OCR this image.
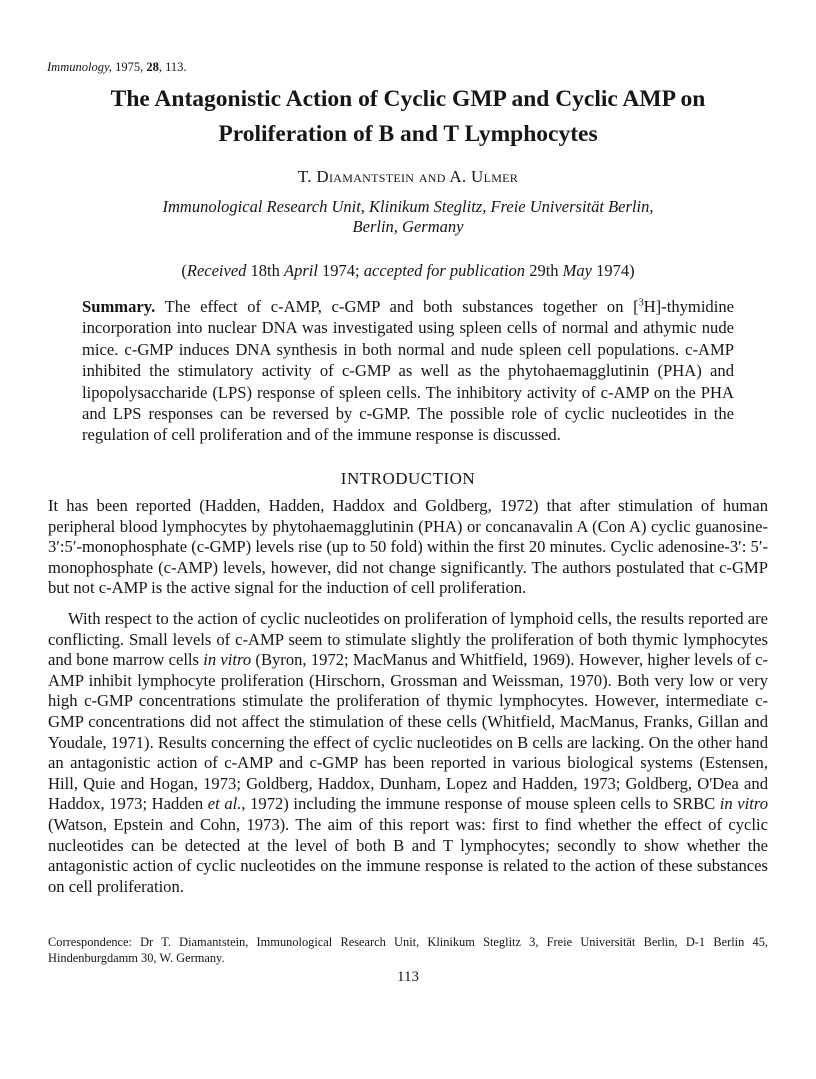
Immunology, 1975, 28, 113.
The Antagonistic Action of Cyclic GMP and Cyclic AMP on
Proliferation of B and T Lymphocytes
T. Diamantstein and A. Ulmer
Immunological Research Unit, Klinikum Steglitz, Freie Universität Berlin,
Berlin, Germany
(Received 18th April 1974; accepted for publication 29th May 1974)
Summary. The effect of c-AMP, c-GMP and both substances together on [$^3$H]-thymidine incorporation into nuclear DNA was investigated using spleen cells of normal and athymic nude mice. c-GMP induces DNA synthesis in both normal and nude spleen cell populations. c-AMP inhibited the stimulatory activity of c-GMP as well as the phytohaemagglutinin (PHA) and lipopolysaccharide (LPS) response of spleen cells. The inhibitory activity of c-AMP on the PHA and LPS responses can be reversed by c-GMP. The possible role of cyclic nucleotides in the regulation of cell proliferation and of the immune response is discussed.
INTRODUCTION
It has been reported (Hadden, Hadden, Haddox and Goldberg, 1972) that after stimulation of human peripheral blood lymphocytes by phytohaemagglutinin (PHA) or concanavalin A (Con A) cyclic guanosine-3′:5′-monophosphate (c-GMP) levels rise (up to 50 fold) within the first 20 minutes. Cyclic adenosine-3′: 5′-monophosphate (c-AMP) levels, however, did not change significantly. The authors postulated that c-GMP but not c-AMP is the active signal for the induction of cell proliferation.
With respect to the action of cyclic nucleotides on proliferation of lymphoid cells, the results reported are conflicting. Small levels of c-AMP seem to stimulate slightly the proliferation of both thymic lymphocytes and bone marrow cells in vitro (Byron, 1972; MacManus and Whitfield, 1969). However, higher levels of c-AMP inhibit lymphocyte proliferation (Hirschorn, Grossman and Weissman, 1970). Both very low or very high c-GMP concentrations stimulate the proliferation of thymic lymphocytes. However, intermediate c-GMP concentrations did not affect the stimulation of these cells (Whitfield, MacManus, Franks, Gillan and Youdale, 1971). Results concerning the effect of cyclic nucleotides on B cells are lacking. On the other hand an antagonistic action of c-AMP and c-GMP has been reported in various biological systems (Estensen, Hill, Quie and Hogan, 1973; Goldberg, Haddox, Dunham, Lopez and Hadden, 1973; Goldberg, O'Dea and Haddox, 1973; Hadden et al., 1972) including the immune response of mouse spleen cells to SRBC in vitro (Watson, Epstein and Cohn, 1973). The aim of this report was: first to find whether the effect of cyclic nucleotides can be detected at the level of both B and T lymphocytes; secondly to show whether the antagonistic action of cyclic nucleotides on the immune response is related to the action of these substances on cell proliferation.
Correspondence: Dr T. Diamantstein, Immunological Research Unit, Klinikum Steglitz 3, Freie Universität Berlin, D-1 Berlin 45, Hindenburgdamm 30, W. Germany.
113
